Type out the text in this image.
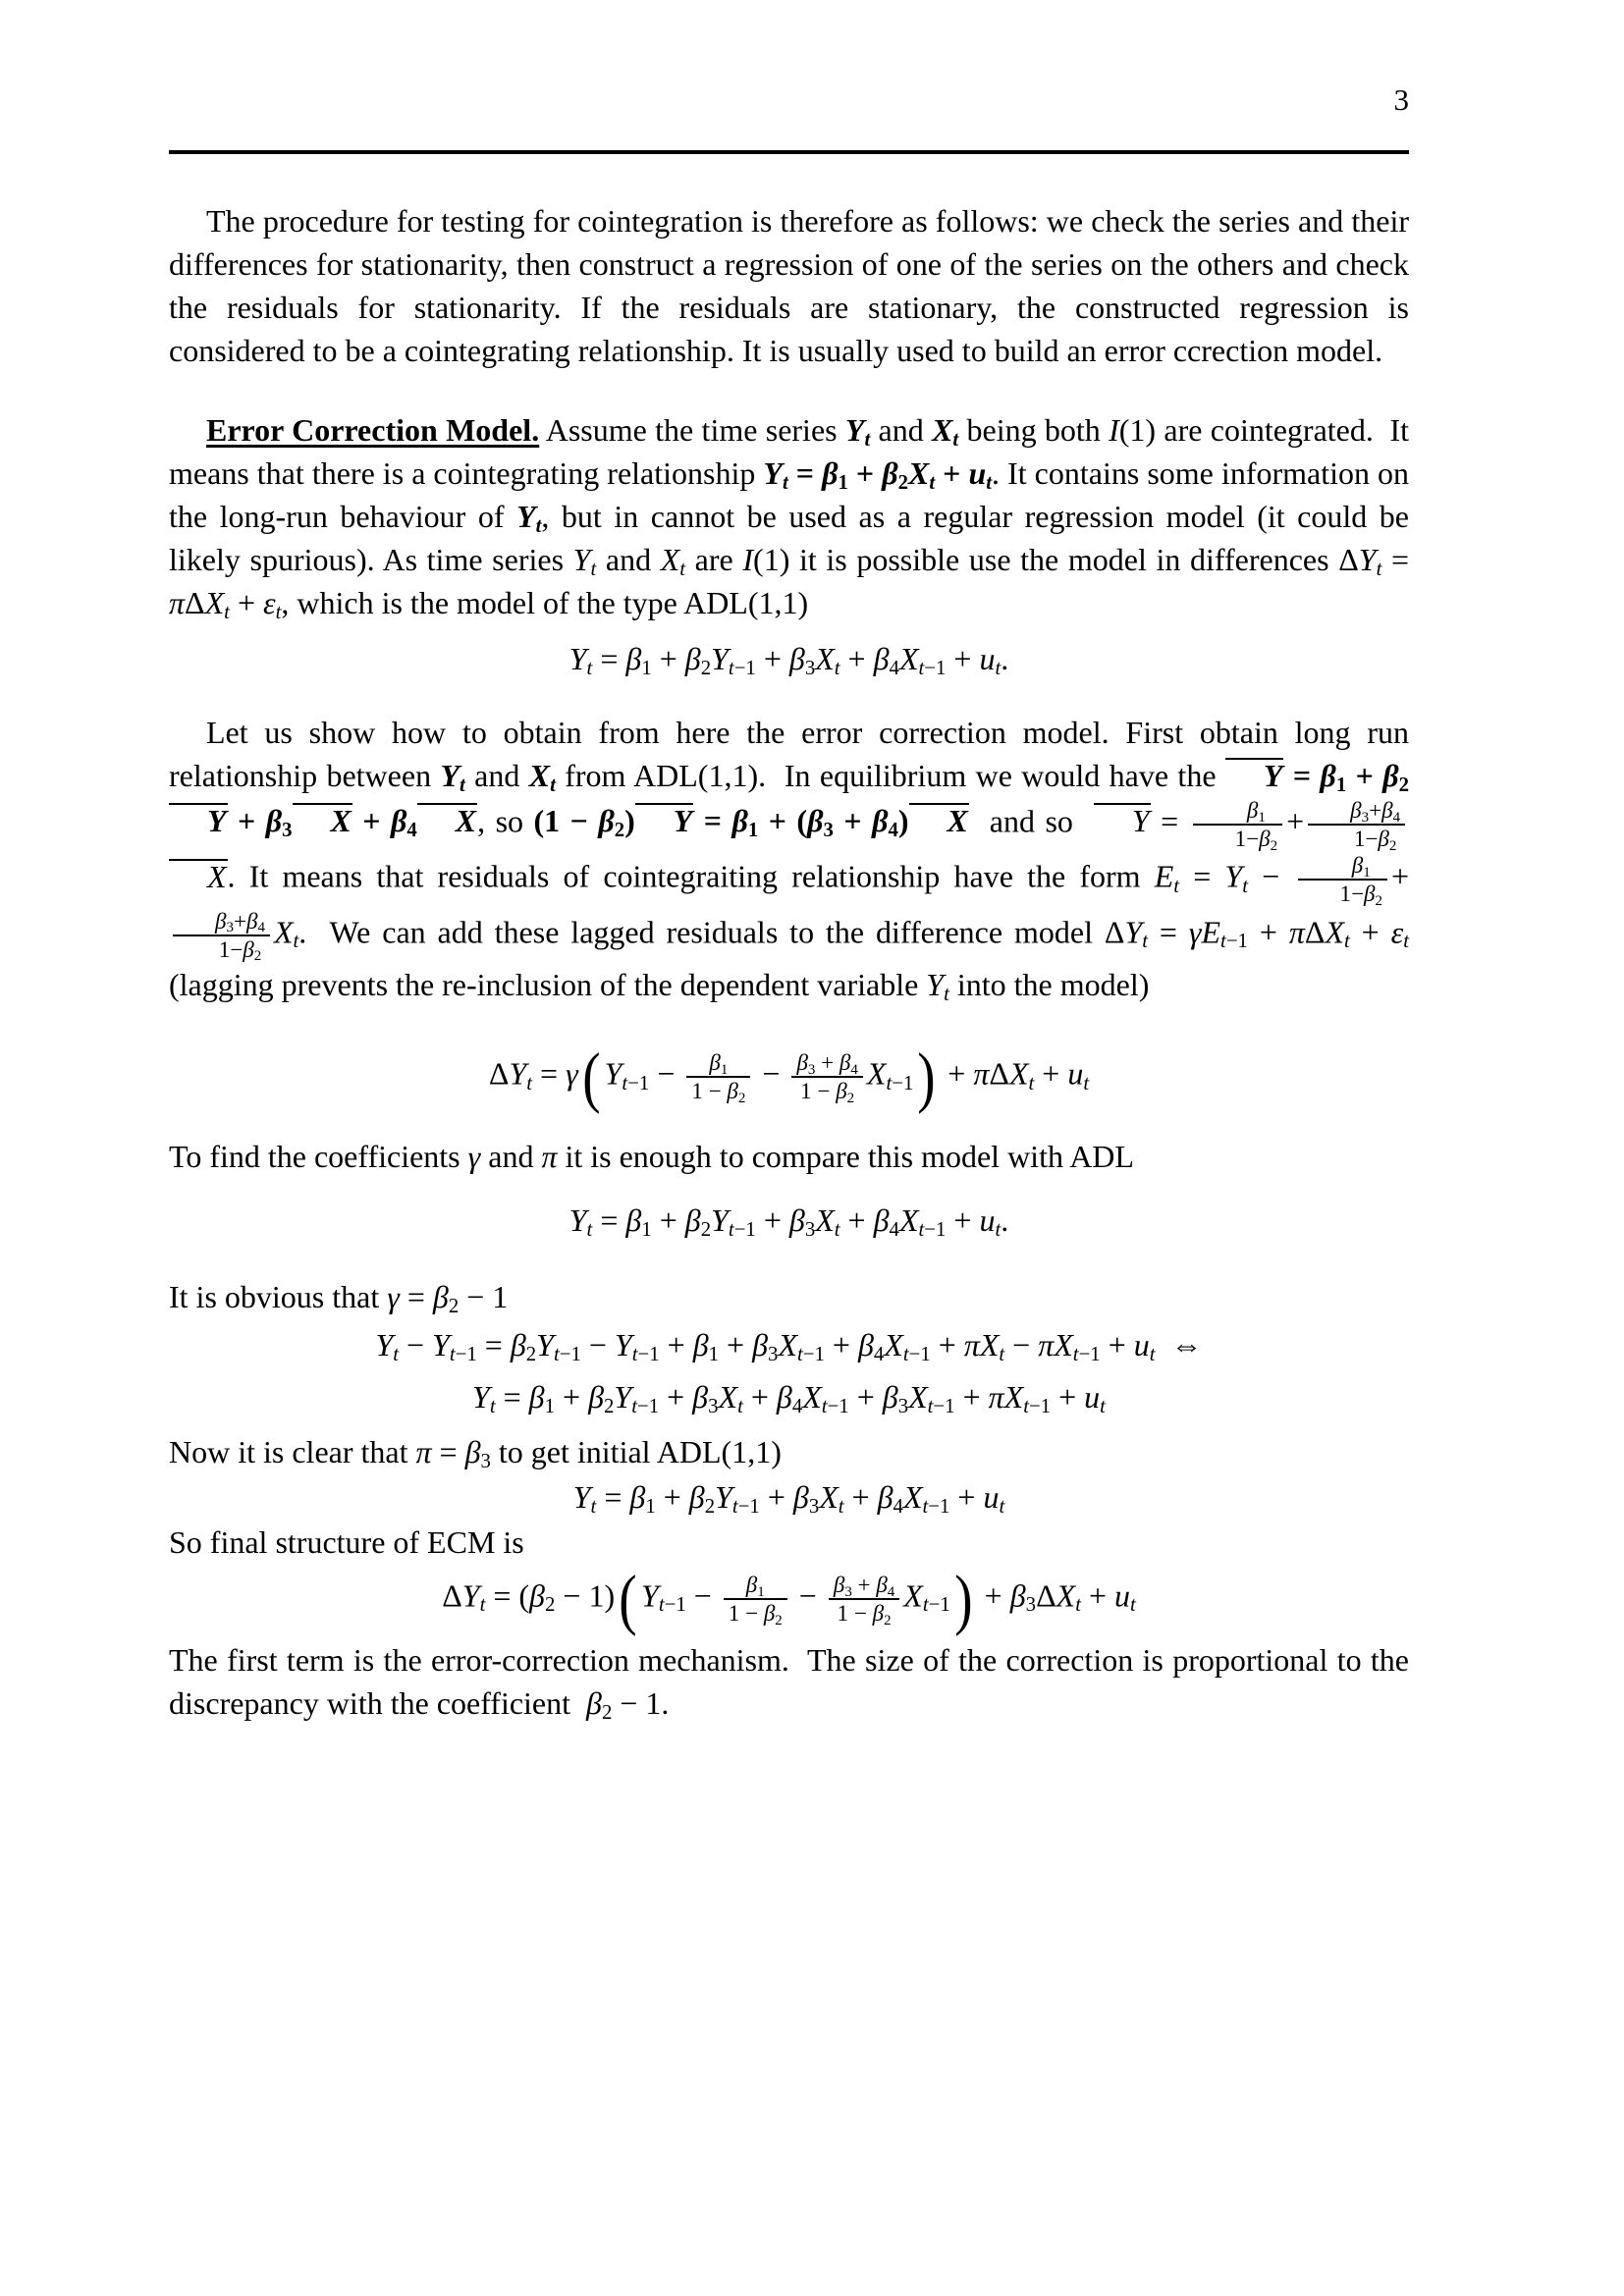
3
The procedure for testing for cointegration is therefore as follows: we check the series and their differences for stationarity, then construct a regression of one of the series on the others and check the residuals for stationarity. If the residuals are stationary, the constructed regression is considered to be a cointegrating relationship. It is usually used to build an error ccrection model.
Error Correction Model. Assume the time series $Y_t$ and $X_t$ being both I(1) are cointegrated.  It means that there is a cointegrating relationship $Y_t = \beta_1 + \beta_2X_t + u_t$. It contains some information on the long-run behaviour of $Y_t$, but in cannot be used as a regular regression model (it could be likely spurious). As time series $Y_t$ and $X_t$ are I(1) it is possible use the model in differences $\Delta Y_t = \pi\Delta X_t + \varepsilon_t$, which is the model of the type ADL(1,1)
$Y_t = \beta_1 + \beta_2Y_{t-1} + \beta_3X_t + \beta_4X_{t-1} + u_t$.
Let us show how to obtain from here the error correction model. First obtain long run relationship between $Y_t$ and $X_t$ from ADL(1,1).  In equilibrium we would have the $Y = \beta_1 + \beta_2Y + \beta_3$ $X + \beta_4$ X, so $(1 - \beta_2)$ $Y = \beta_1 + (\beta_3 + \beta_4)$ X  and so  $Y = \frac{\beta_1}{1-\beta_2} + \frac{\beta_3+\beta_4}{1-\beta_2}$
X. It means that residuals of cointegraiting relationship have the form $E_t = Y_t - \frac{\beta_1}{1-\beta_2}$ +
$\frac{\beta_3+\beta_4}{1-\beta_2} X_t$.  We can add these lagged residuals to the difference model $\Delta Y_t = \gamma E_{t-1} + \pi\Delta X_t + \varepsilon_t$ (lagging prevents the re-inclusion of the dependent variable $Y_t$ into the model)
$\Delta Y_t = \gamma$( $Y_{t-1} - \frac{\beta_1}{1 - \beta_2} - \frac{\beta_3 + \beta_4}{1 - \beta_2} X_{t-1}) + \pi\Delta X_t + u_t$
To find the coefficients γ and π it is enough to compare this model with ADL
$Y_t = \beta_1 + \beta_2Y_{t-1} + \beta_3X_t + \beta_4X_{t-1} + u_t$.
It is obvious that $\gamma = \beta_2 - 1$
$Y_t - Y_{t-1} = \beta_2Y_{t-1} - Y_{t-1} + \beta_1 + \beta_3X_{t-1} + \beta_4X_{t-1} + \pi X_t - \pi X_{t-1} + u_t$  ⇔
$Y_t = \beta_1 + \beta_2Y_{t-1} + \beta_3X_t + \beta_4X_{t-1} + \beta_3X_{t-1} + \pi X_{t-1} + u_t$
Now it is clear that $\pi = \beta_3$ to get initial ADL(1,1)
$Y_t = \beta_1 + \beta_2Y_{t-1} + \beta_3X_t + \beta_4X_{t-1} + u_t$
So final structure of ECM is
$\Delta Y_t = (\beta_2 - 1)$( $Y_{t-1} - \frac{\beta_1}{1 - \beta_2} - \frac{\beta_3 + \beta_4}{1 - \beta_2} X_{t-1}) + \beta_3\Delta X_t + u_t$
The first term is the error-correction mechanism.  The size of the correction is proportional to the discrepancy with the coefficient  $\beta_2 - 1$.
